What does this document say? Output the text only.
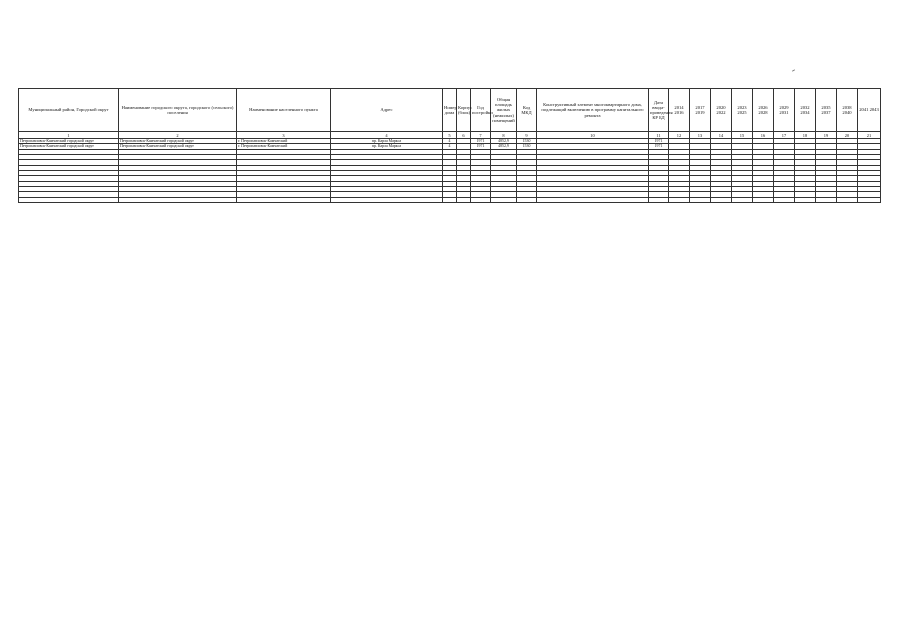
Муниципальный район, Городской округ	Наименование городского округа, городского (сельского) поселения	Наименование населенного пункта	Адрес	Номер дома	Корпус (блок)	Год постройки	Общая площадь жилых (нежилых) помещений	Код МКД	Конструктивный элемент многоквартирного дома, подлежащий включению в программу капитального ремонта	Дата ввода-проведения КР БД	2014 2016	2017 2019	2020 2022	2023 2025	2026 2028	2029 2031	2032 2034	2035 2037	2038 2040	2041 2043
1	2	3	4	5	6	7	8	9	10	11	12	13	14	15	16	17	18	19	20	21
Петропавловск-Камчатский городской округ	Петропавловск-Камчатский городской округ	г. Петропавловск-Камчатский	пр. Карла Маркса	4		1971	4852,9	1530		1971										
Петропавловск-Камчатский городской округ	Петропавловск-Камчатский городской округ	г. Петропавловск-Камчатский	пр. Карла Маркса	4		1971	4852,9	1530		1971										
